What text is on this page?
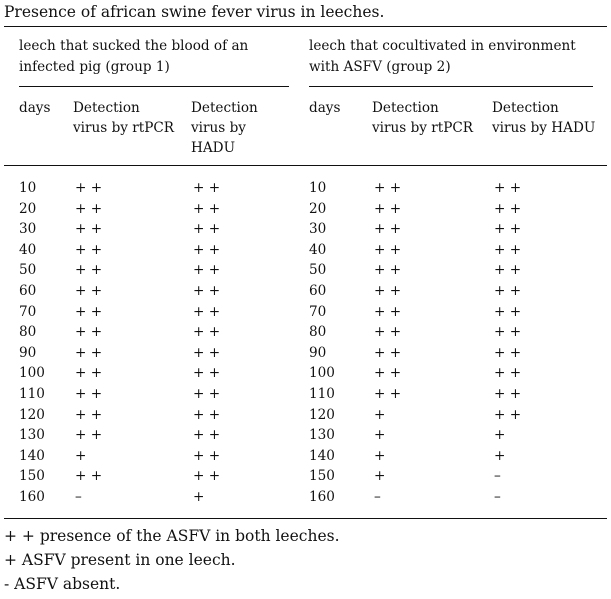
Presence of african swine fever virus in leeches.
leech that sucked the blood of an
infected pig (group 1)
leech that cocultivated in environment
with ASFV (group 2)
days Detection
virus by rtPCR
Detection
virus by
HADU
days Detection
virus by rtPCR
Detection
virus by HADU
10
20
30
40
50
60
70
80
90
100
110
120
130
140
150
160
+ +
+ +
+ +
+ +
+ +
+ +
+ +
+ +
+ +
+ +
+ +
+ +
+ +
+
+ +
–
+ +
+ +
+ +
+ +
+ +
+ +
+ +
+ +
+ +
+ +
+ +
+ +
+ +
+ +
+ +
+
10
20
30
40
50
60
70
80
90
100
110
120
130
140
150
160
+ +
+ +
+ +
+ +
+ +
+ +
+ +
+ +
+ +
+ +
+ +
+
+
+
+
–
+ +
+ +
+ +
+ +
+ +
+ +
+ +
+ +
+ +
+ +
+ +
+ +
+
+
–
–
+ + presence of the ASFV in both leeches.
+ ASFV present in one leech.
- ASFV absent.
